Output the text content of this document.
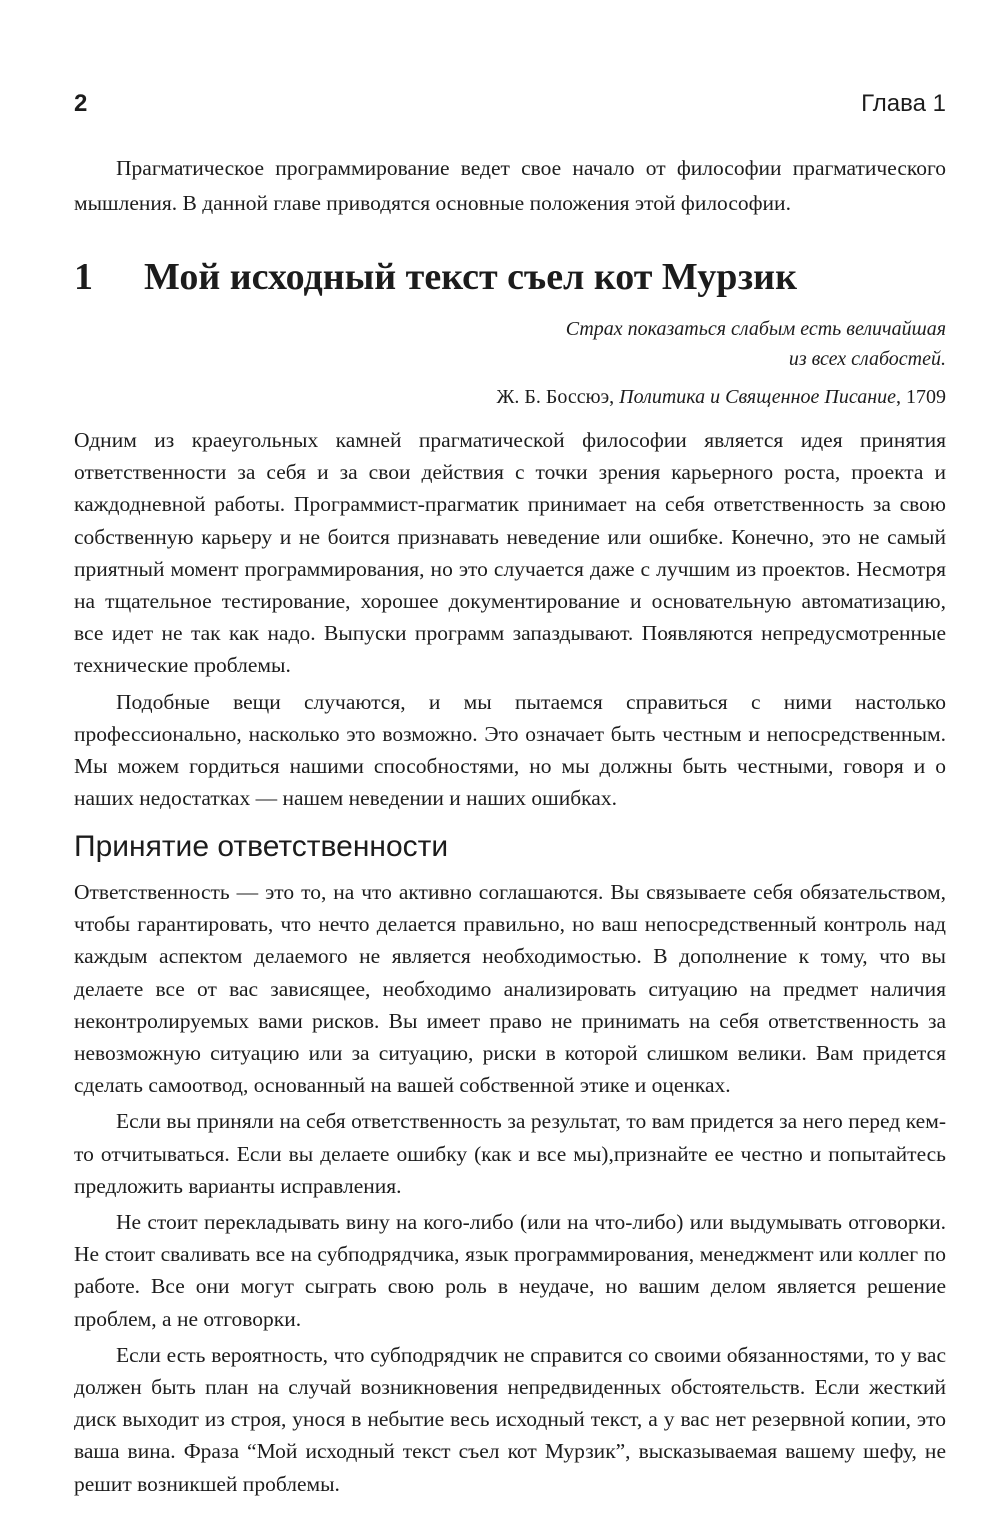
2	Глава 1

Прагматическое программирование ведет свое начало от философии прагматического мышления. В данной главе приводятся основные положения этой философии.

1 Мой исходный текст съел кот Мурзик

Страх показаться слабым есть величайшая
из всех слабостей.

Ж. Б. Боссюэ, Политика и Священное Писание, 1709

Одним из краеугольных камней прагматической философии является идея принятия ответственности за себя и за свои действия с точки зрения карьерного роста, проекта и каждодневной работы. Программист-прагматик принимает на себя ответственность за свою собственную карьеру и не боится признавать неведение или ошибке. Конечно, это не самый приятный момент программирования, но это случается даже с лучшим из проектов. Несмотря на тщательное тестирование, хорошее документирование и основательную автоматизацию, все идет не так как надо. Выпуски программ запаздывают. Появляются непредусмотренные технические проблемы.

Подобные вещи случаются, и мы пытаемся справиться с ними настолько профессионально, насколько это возможно. Это означает быть честным и непосредственным. Мы можем гордиться нашими способностями, но мы должны быть честными, говоря и о наших недостатках — нашем неведении и наших ошибках.

Принятие ответственности

Ответственность — это то, на что активно соглашаются. Вы связываете себя обязательством, чтобы гарантировать, что нечто делается правильно, но ваш непосредственный контроль над каждым аспектом делаемого не является необходимостью. В дополнение к тому, что вы делаете все от вас зависящее, необходимо анализировать ситуацию на предмет наличия неконтролируемых вами рисков. Вы имеет право не принимать на себя ответственность за невозможную ситуацию или за ситуацию, риски в которой слишком велики. Вам придется сделать самоотвод, основанный на вашей собственной этике и оценках.

Если вы приняли на себя ответственность за результат, то вам придется за него перед кем-то отчитываться. Если вы делаете ошибку (как и все мы),признайте ее честно и попытайтесь предложить варианты исправления.

Не стоит перекладывать вину на кого-либо (или на что-либо) или выдумывать отговорки. Не стоит сваливать все на субподрядчика, язык программирования, менеджмент или коллег по работе. Все они могут сыграть свою роль в неудаче, но вашим делом является решение проблем, а не отговорки.

Если есть вероятность, что субподрядчик не справится со своими обязанностями, то у вас должен быть план на случай возникновения непредвиденных обстоятельств. Если жесткий диск выходит из строя, унося в небытие весь исходный текст, а у вас нет резервной копии, это ваша вина. Фраза “Мой исходный текст съел кот Мурзик”, высказываемая вашему шефу, не решит возникшей проблемы.
